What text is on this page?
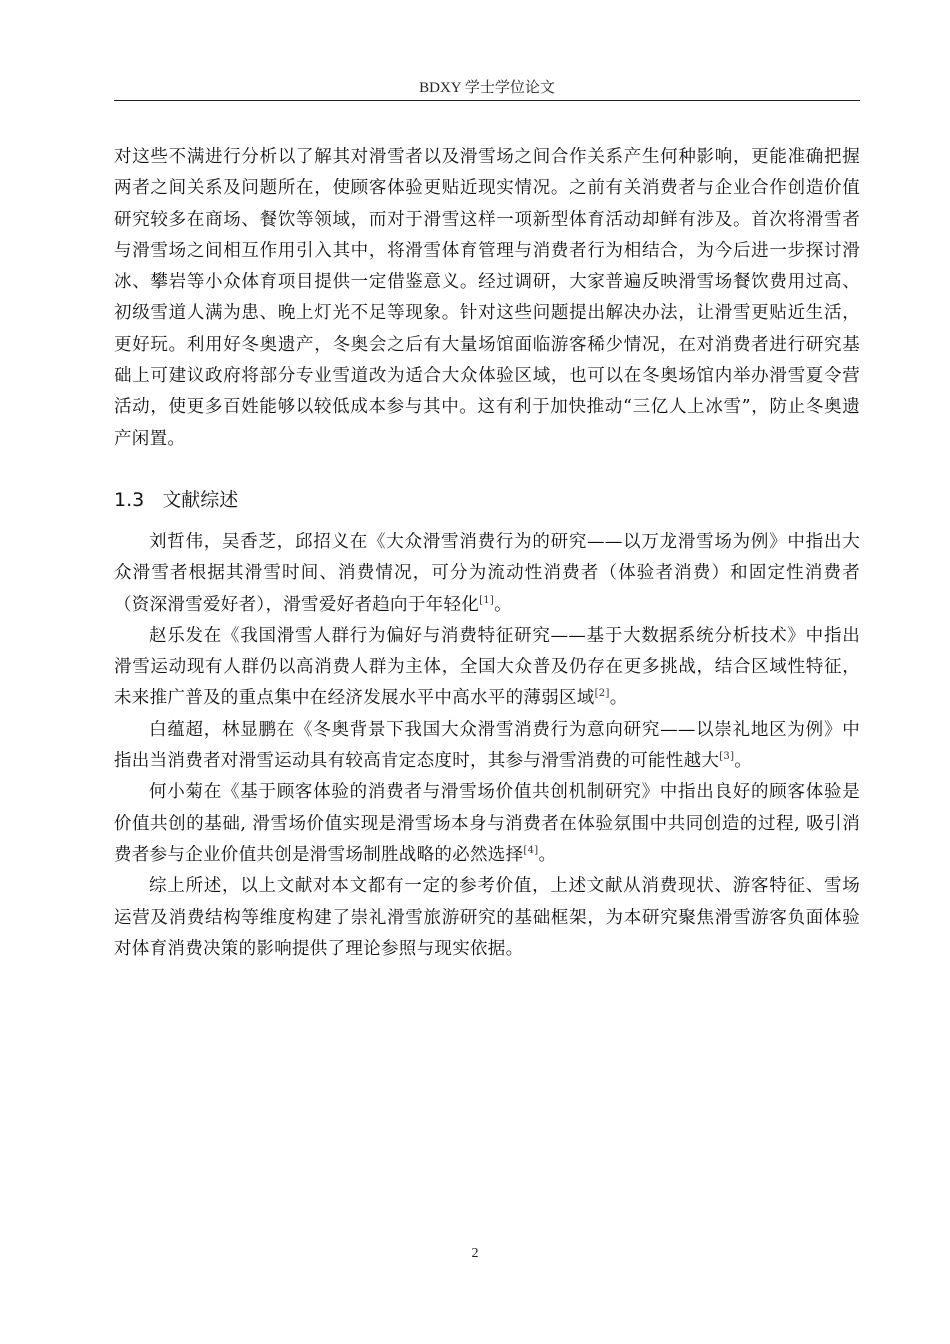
BDXY 学士学位论文

对这些不满进行分析以了解其对滑雪者以及滑雪场之间合作关系产生何种影响，更能准确把握两者之间关系及问题所在，使顾客体验更贴近现实情况。之前有关消费者与企业合作创造价值研究较多在商场、餐饮等领域，而对于滑雪这样一项新型体育活动却鲜有涉及。首次将滑雪者与滑雪场之间相互作用引入其中，将滑雪体育管理与消费者行为相结合，为今后进一步探讨滑冰、攀岩等小众体育项目提供一定借鉴意义。经过调研，大家普遍反映滑雪场餐饮费用过高、初级雪道人满为患、晚上灯光不足等现象。针对这些问题提出解决办法，让滑雪更贴近生活，更好玩。利用好冬奥遗产，冬奥会之后有大量场馆面临游客稀少情况，在对消费者进行研究基础上可建议政府将部分专业雪道改为适合大众体验区域，也可以在冬奥场馆内举办滑雪夏令营活动，使更多百姓能够以较低成本参与其中。这有利于加快推动“三亿人上冰雪”，防止冬奥遗产闲置。

1.3 文献综述

刘哲伟，吴香芝，邱招义在《大众滑雪消费行为的研究——以万龙滑雪场为例》中指出大众滑雪者根据其滑雪时间、消费情况，可分为流动性消费者（体验者消费）和固定性消费者（资深滑雪爱好者），滑雪爱好者趋向于年轻化[1]。

赵乐发在《我国滑雪人群行为偏好与消费特征研究——基于大数据系统分析技术》中指出滑雪运动现有人群仍以高消费人群为主体，全国大众普及仍存在更多挑战，结合区域性特征，未来推广普及的重点集中在经济发展水平中高水平的薄弱区域[2]。

白蕴超，林显鹏在《冬奥背景下我国大众滑雪消费行为意向研究——以崇礼地区为例》中指出当消费者对滑雪运动具有较高肯定态度时，其参与滑雪消费的可能性越大[3]。

何小菊在《基于顾客体验的消费者与滑雪场价值共创机制研究》中指出良好的顾客体验是价值共创的基础, 滑雪场价值实现是滑雪场本身与消费者在体验氛围中共同创造的过程, 吸引消费者参与企业价值共创是滑雪场制胜战略的必然选择[4]。

综上所述，以上文献对本文都有一定的参考价值，上述文献从消费现状、游客特征、雪场运营及消费结构等维度构建了崇礼滑雪旅游研究的基础框架，为本研究聚焦滑雪游客负面体验对体育消费决策的影响提供了理论参照与现实依据。

2
